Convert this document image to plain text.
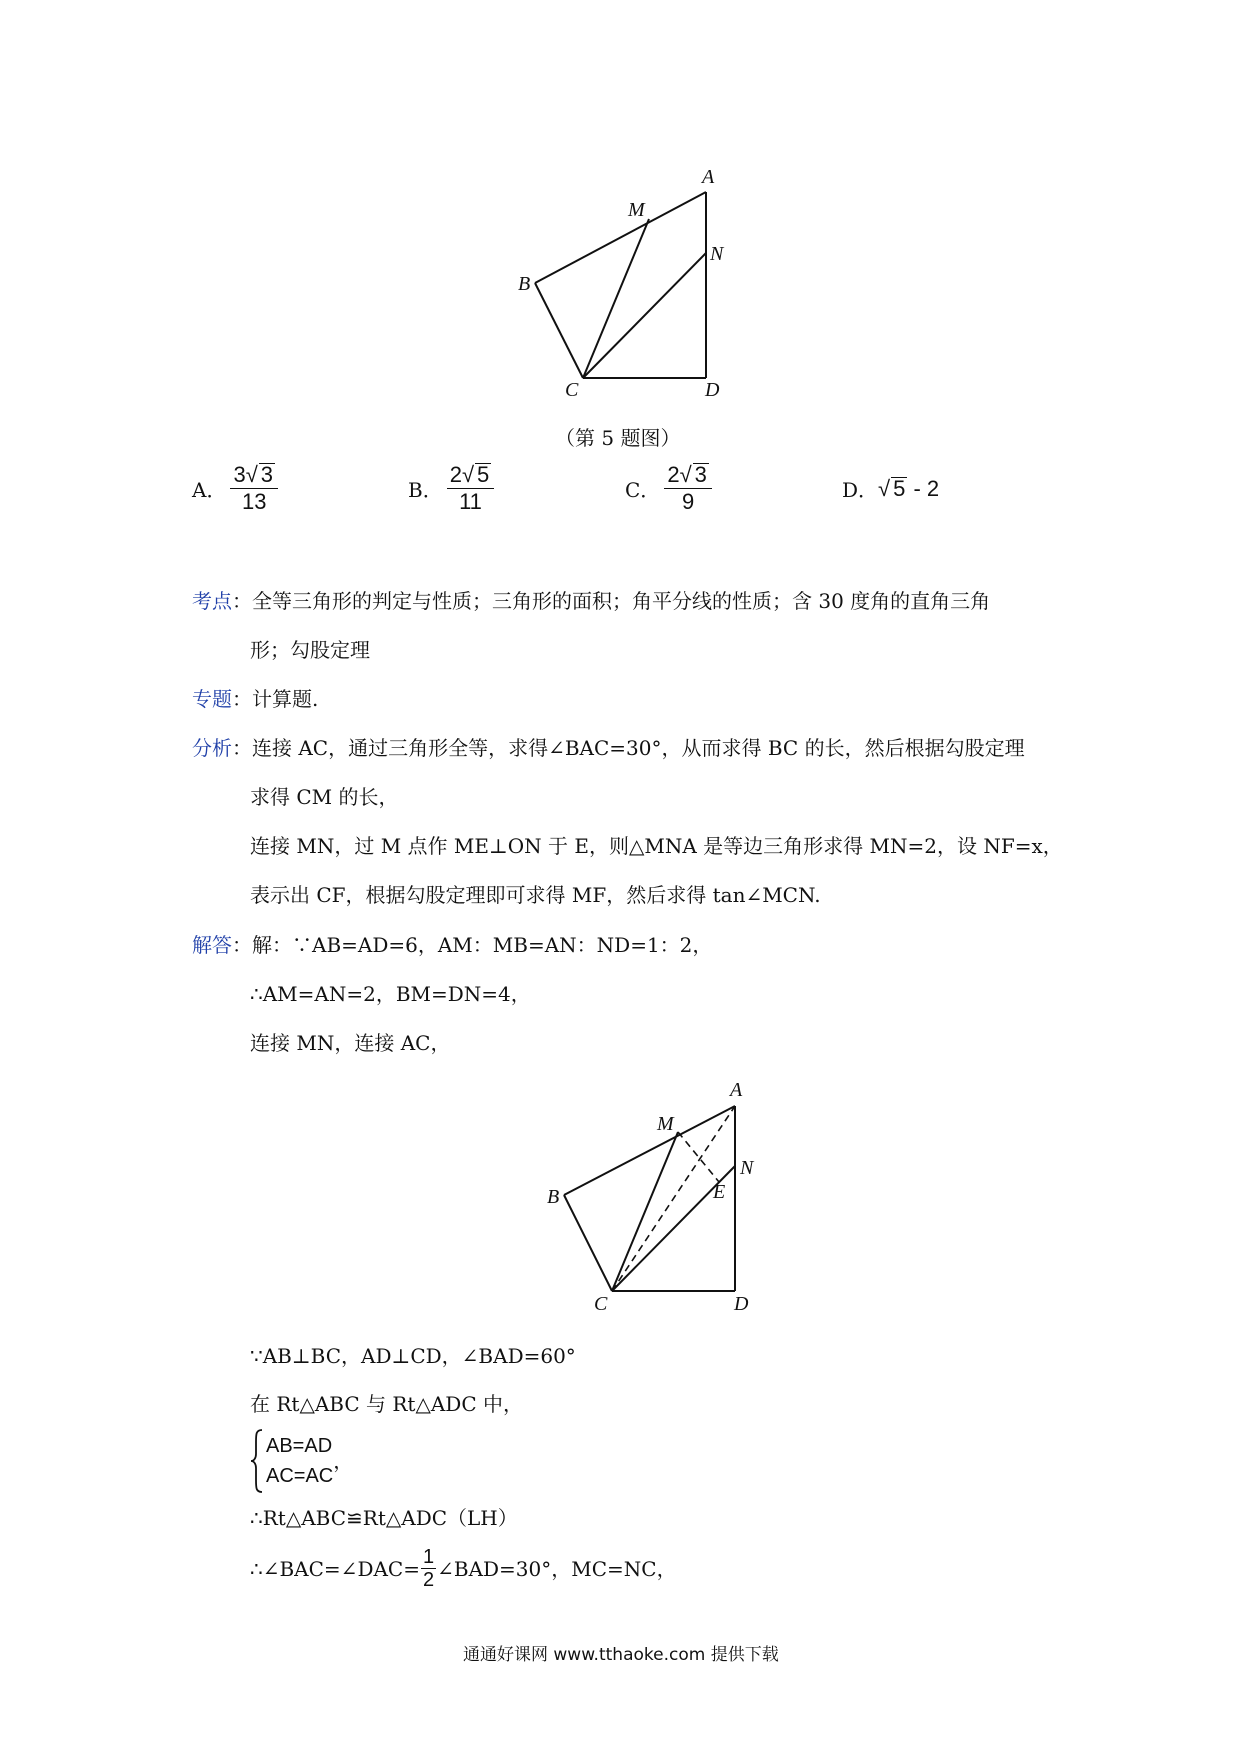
A
M
N
B
C	D
（第 5 题图）
A． $\frac{3√ 3}{13}$	B． $\frac{2√ 5}{11}$	C． $\frac{2√ 3}{9}$	D． √ 5 - 2
考点：全等三角形的判定与性质；三角形的面积；角平分线的性质；含 30 度角的直角三角
形；勾股定理
专题：计算题.
分析：连接 AC，通过三角形全等，求得∠BAC=30°，从而求得 BC 的长，然后根据勾股定理
求得 CM 的长，
连接 MN，过 M 点作 ME⊥ON 于 E，则△MNA 是等边三角形求得 MN=2，设 NF=x，
表示出 CF，根据勾股定理即可求得 MF，然后求得 tan∠MCN.
解答：解：∵AB=AD=6，AM：MB=AN：ND=1：2，
∴AM=AN=2，BM=DN=4，
连接 MN，连接 AC，
A
M
N
E
B
C	D
∵AB⊥BC，AD⊥CD，∠BAD=60°
在 Rt△ABC 与 Rt△ADC 中，
AB=AD
AC=AC
，
∴Rt△ABC≌Rt△ADC（LH）
∴∠BAC=∠DAC= $\frac{1}{2}$ ∠BAD=30°，MC=NC，
通通好课网 www.tthaoke.com 提供下载
